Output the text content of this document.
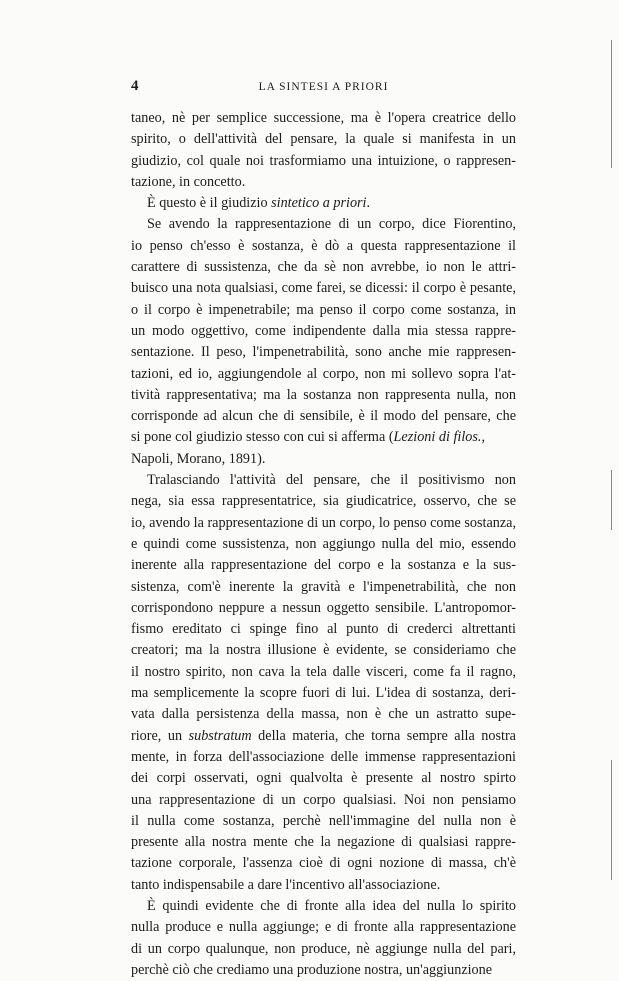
4	LA SINTESI A PRIORI
taneo, nè per semplice successione, ma è l'opera creatrice dello
spirito, o dell'attività del pensare, la quale si manifesta in un
giudizio, col quale noi trasformiamo una intuizione, o rappresen-
tazione, in concetto.
È questo è il giudizio sintetico a priori.
Se avendo la rappresentazione di un corpo, dice Fiorentino,
io penso ch'esso è sostanza, è dò a questa rappresentazione il
carattere di sussistenza, che da sè non avrebbe, io non le attri-
buisco una nota qualsiasi, come farei, se dicessi: il corpo è pesante,
o il corpo è impenetrabile; ma penso il corpo come sostanza, in
un modo oggettivo, come indipendente dalla mia stessa rappre-
sentazione. Il peso, l'impenetrabilità, sono anche mie rappresen-
tazioni, ed io, aggiungendole al corpo, non mi sollevo sopra l'at-
tività rappresentativa; ma la sostanza non rappresenta nulla, non
corrisponde ad alcun che di sensibile, è il modo del pensare, che
si pone col giudizio stesso con cui si afferma (Lezioni di filos.,
Napoli, Morano, 1891).
Tralasciando l'attività del pensare, che il positivismo non
nega, sia essa rappresentatrice, sia giudicatrice, osservo, che se
io, avendo la rappresentazione di un corpo, lo penso come sostanza,
e quindi come sussistenza, non aggiungo nulla del mio, essendo
inerente alla rappresentazione del corpo e la sostanza e la sus-
sistenza, com'è inerente la gravità e l'impenetrabilità, che non
corrispondono neppure a nessun oggetto sensibile. L'antropomor-
fismo ereditato ci spinge fino al punto di crederci altrettanti
creatori; ma la nostra illusione è evidente, se consideriamo che
il nostro spirito, non cava la tela dalle visceri, come fa il ragno,
ma semplicemente la scopre fuori di lui. L'idea di sostanza, deri-
vata dalla persistenza della massa, non è che un astratto supe-
riore, un substratum della materia, che torna sempre alla nostra
mente, in forza dell'associazione delle immense rappresentazioni
dei corpi osservati, ogni qualvolta è presente al nostro spirto
una rappresentazione di un corpo qualsiasi. Noi non pensiamo
il nulla come sostanza, perchè nell'immagine del nulla non è
presente alla nostra mente che la negazione di qualsiasi rappre-
tazione corporale, l'assenza cioè di ogni nozione di massa, ch'è
tanto indispensabile a dare l'incentivo all'associazione.
È quindi evidente che di fronte alla idea del nulla lo spirito
nulla produce e nulla aggiunge; e di fronte alla rappresentazione
di un corpo qualunque, non produce, nè aggiunge nulla del pari,
perchè ciò che crediamo una produzione nostra, un'aggiunzione
